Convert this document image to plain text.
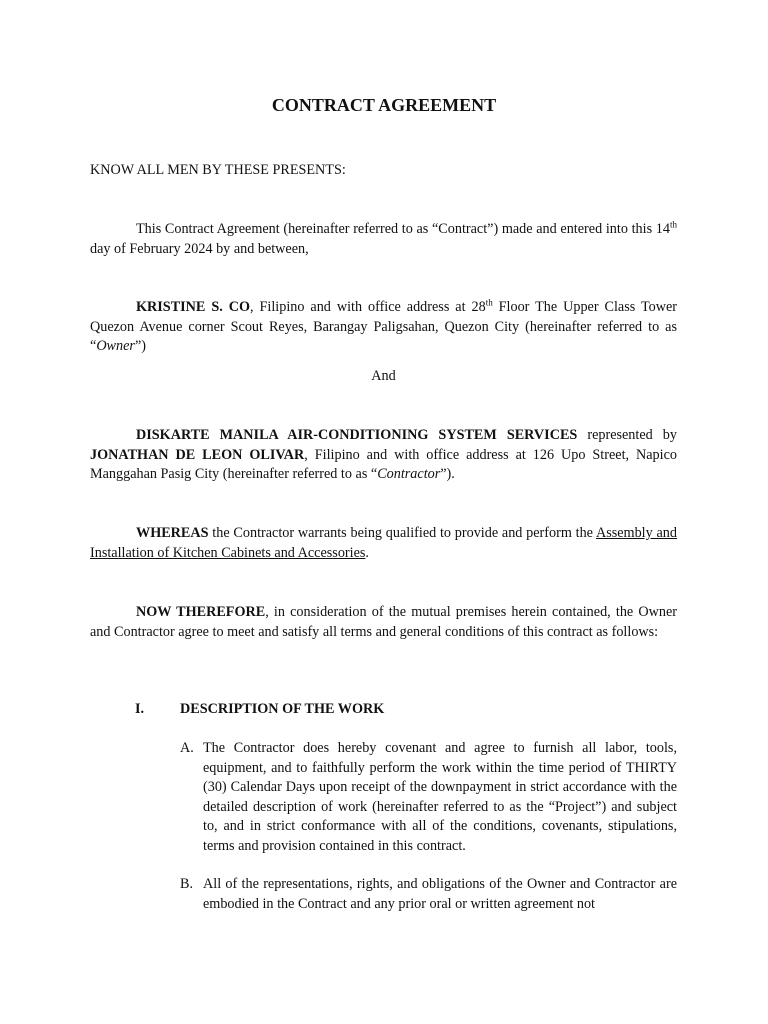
CONTRACT AGREEMENT

KNOW ALL MEN BY THESE PRESENTS:

This Contract Agreement (hereinafter referred to as “Contract”) made and entered into this 14th day of February 2024 by and between,

KRISTINE S. CO, Filipino and with office address at 28th Floor The Upper Class Tower Quezon Avenue corner Scout Reyes, Barangay Paligsahan, Quezon City (hereinafter referred to as “Owner”)

And

DISKARTE MANILA AIR-CONDITIONING SYSTEM SERVICES represented by JONATHAN DE LEON OLIVAR, Filipino and with office address at 126 Upo Street, Napico Manggahan Pasig City (hereinafter referred to as “Contractor”).

WHEREAS the Contractor warrants being qualified to provide and perform the Assembly and Installation of Kitchen Cabinets and Accessories.

NOW THEREFORE, in consideration of the mutual premises herein contained, the Owner and Contractor agree to meet and satisfy all terms and general conditions of this contract as follows:

I.	DESCRIPTION OF THE WORK
A. The Contractor does hereby covenant and agree to furnish all labor, tools, equipment, and to faithfully perform the work within the time period of THIRTY (30) Calendar Days upon receipt of the downpayment in strict accordance with the detailed description of work (hereinafter referred to as the “Project”) and subject to, and in strict conformance with all of the conditions, covenants, stipulations, terms and provision contained in this contract.
B. All of the representations, rights, and obligations of the Owner and Contractor are embodied in the Contract and any prior oral or written agreement not
